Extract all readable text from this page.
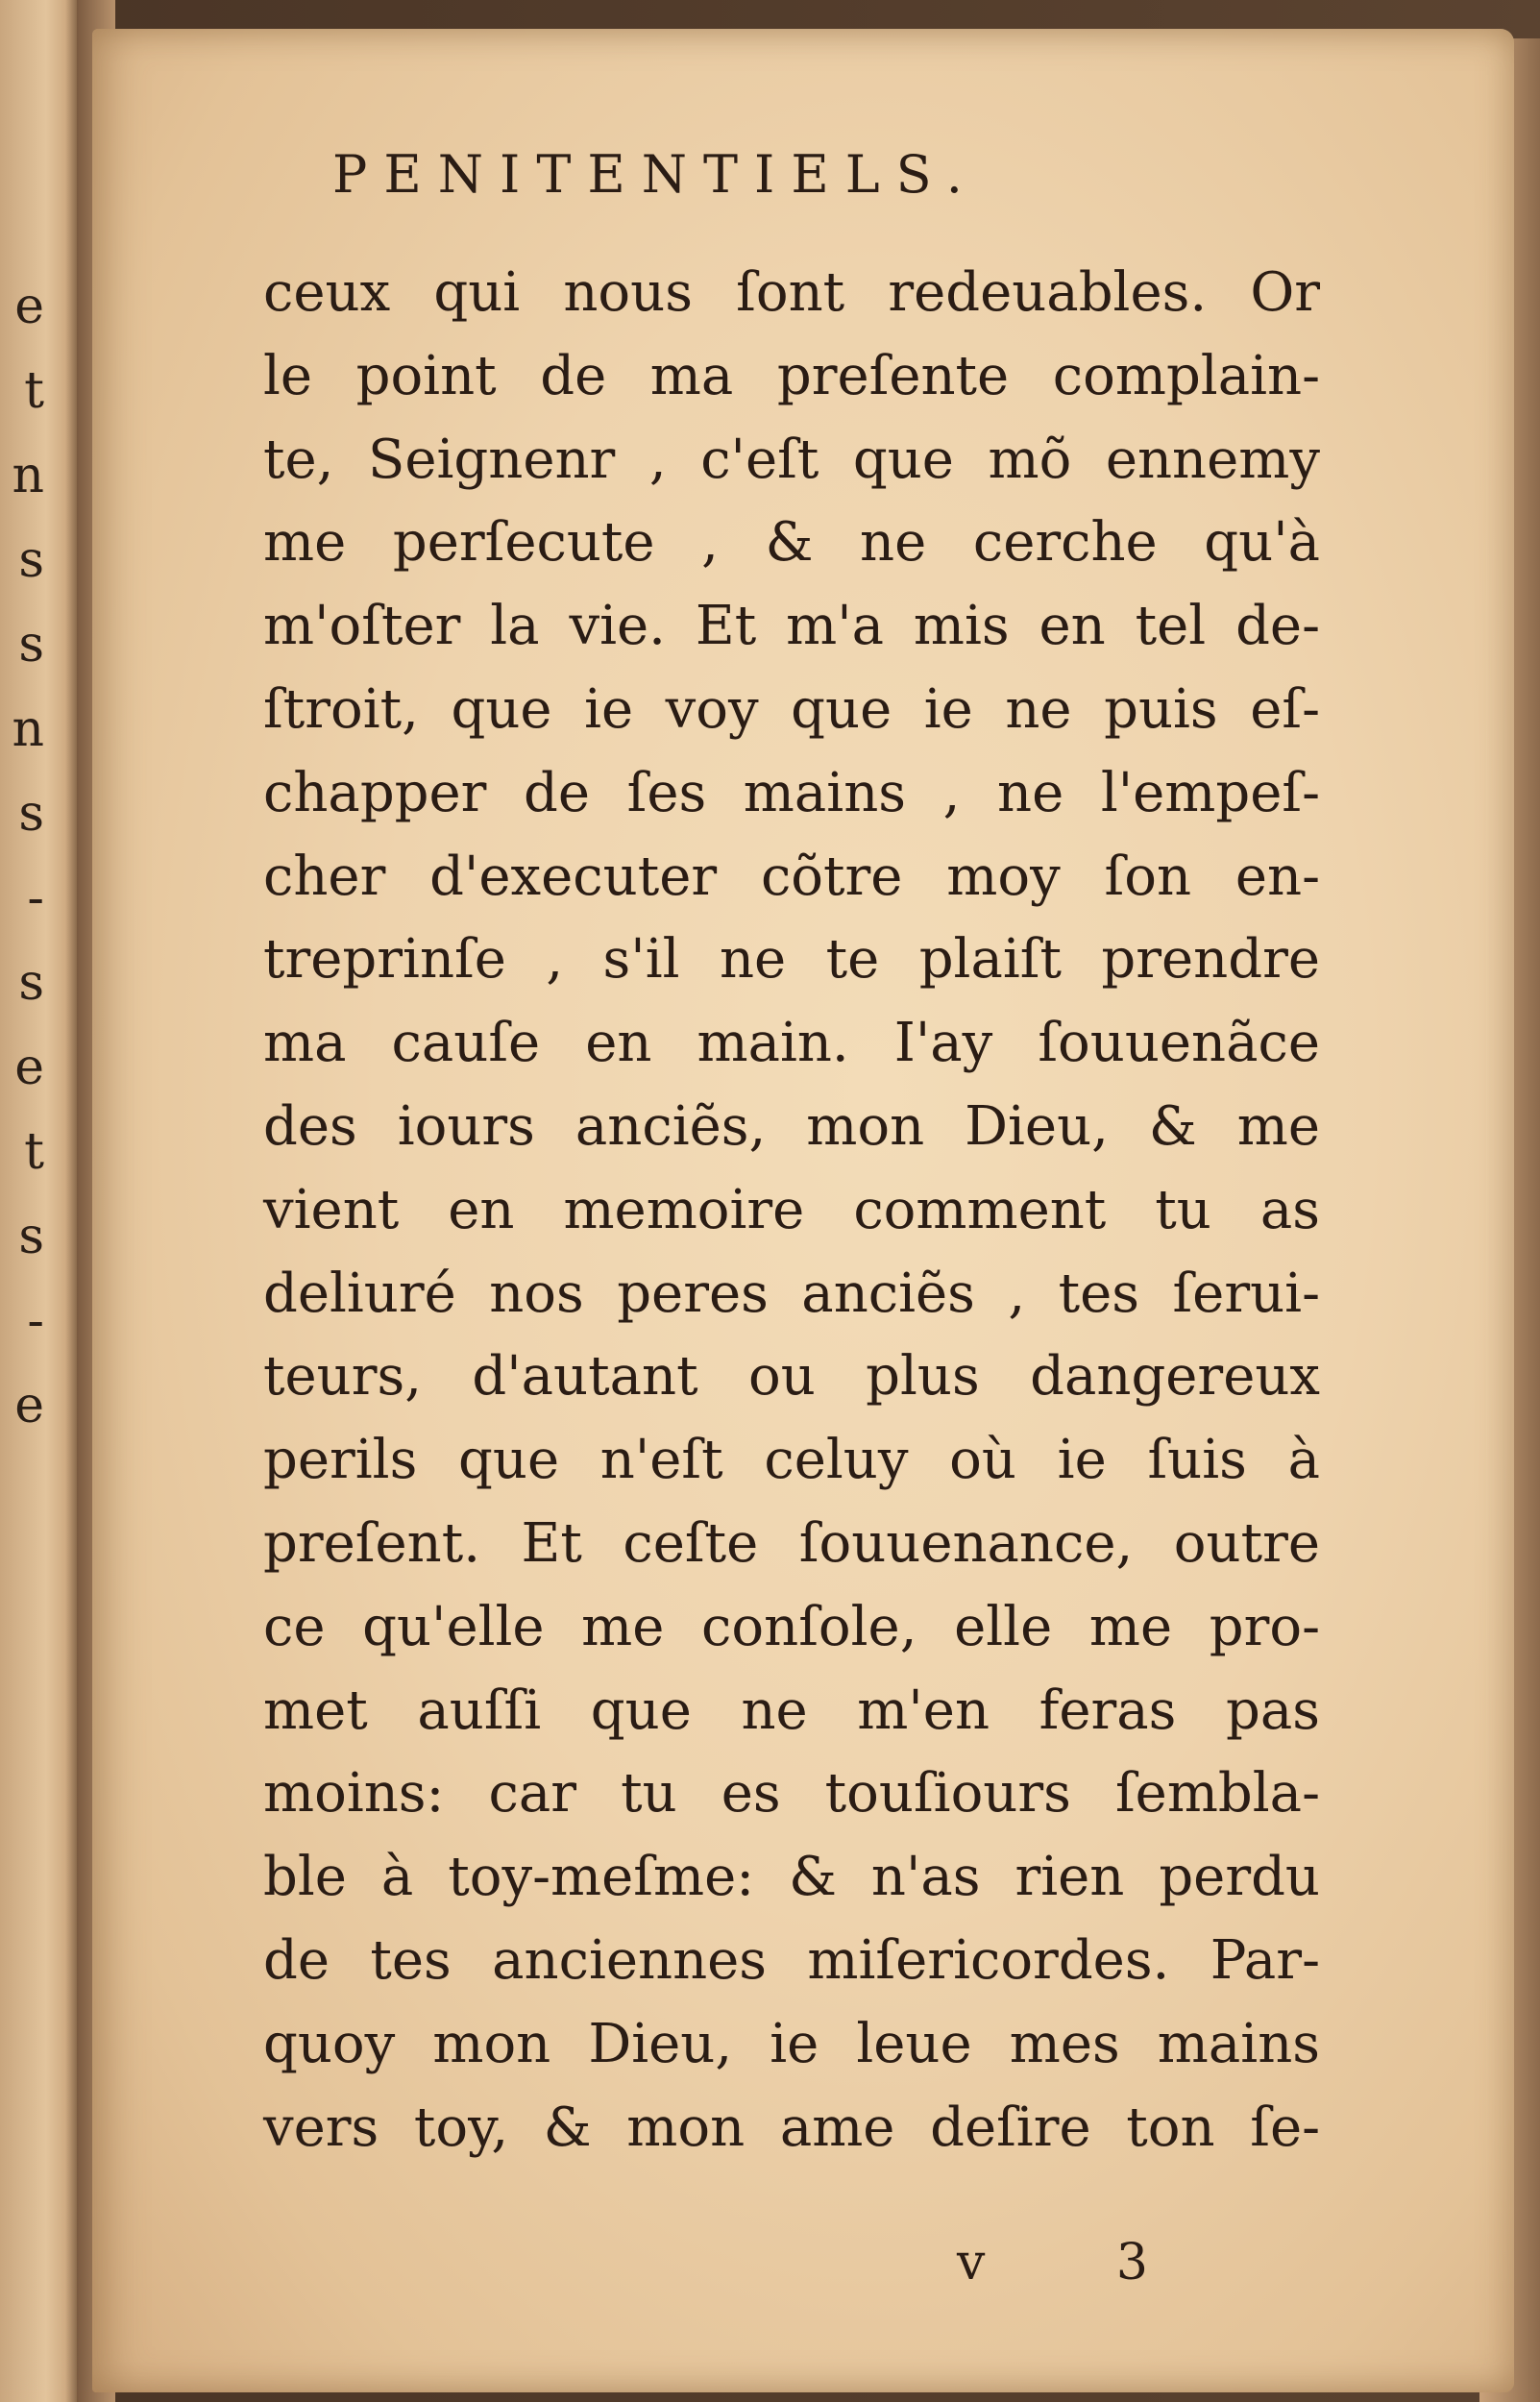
e
t
n
s
s
n
s
-
s
e
t
s
-
e
PENITENTIELS.
ceux qui nous ſont redeuables. Or
le point de ma preſente complain-
te, Seignenr , c'eſt que mõ ennemy
me perſecute , & ne cerche qu'à
m'oſter la vie. Et m'a mis en tel de-
ſtroit, que ie voy que ie ne puis eſ-
chapper de ſes mains , ne l'empeſ-
cher d'executer cõtre moy ſon en-
treprinſe , s'il ne te plaiſt prendre
ma cauſe en main. I'ay ſouuenãce
des iours anciẽs, mon Dieu, & me
vient en memoire comment tu as
deliuré nos peres anciẽs , tes ſerui-
teurs, d'autant ou plus dangereux
perils que n'eſt celuy où ie ſuis à
preſent. Et ceſte ſouuenance, outre
ce qu'elle me conſole, elle me pro-
met auſſi que ne m'en feras pas
moins: car tu es touſiours ſembla-
ble à toy-meſme: & n'as rien perdu
de tes anciennes miſericordes. Par-
quoy mon Dieu, ie leue mes mains
vers toy, & mon ame deſire ton ſe-

v 3
